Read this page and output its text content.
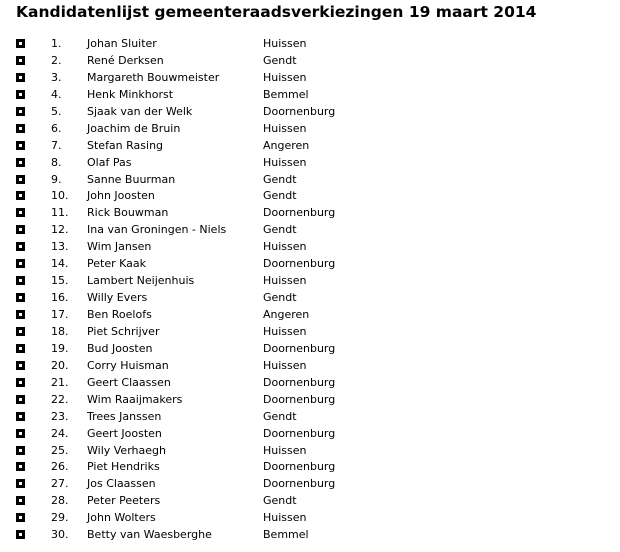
Kandidatenlijst gemeenteraadsverkiezingen 19 maart 2014
1. Johan Sluiter	Huissen
2. René Derksen	Gendt
3. Margareth Bouwmeister	Huissen
4. Henk Minkhorst	Bemmel
5. Sjaak van der Welk	Doornenburg
6. Joachim de Bruin	Huissen
7. Stefan Rasing	Angeren
8. Olaf Pas	Huissen
9. Sanne Buurman	Gendt
10. John Joosten	Gendt
11. Rick Bouwman	Doornenburg
12. Ina van Groningen - Niels	Gendt
13. Wim Jansen	Huissen
14. Peter Kaak	Doornenburg
15. Lambert Neijenhuis	Huissen
16. Willy Evers	Gendt
17. Ben Roelofs	Angeren
18. Piet Schrijver	Huissen
19. Bud Joosten	Doornenburg
20. Corry Huisman	Huissen
21. Geert Claassen	Doornenburg
22. Wim Raaijmakers	Doornenburg
23. Trees Janssen	Gendt
24. Geert Joosten	Doornenburg
25. Wily Verhaegh	Huissen
26. Piet Hendriks	Doornenburg
27. Jos Claassen	Doornenburg
28. Peter Peeters	Gendt
29. John Wolters	Huissen
30. Betty van Waesberghe	Bemmel
